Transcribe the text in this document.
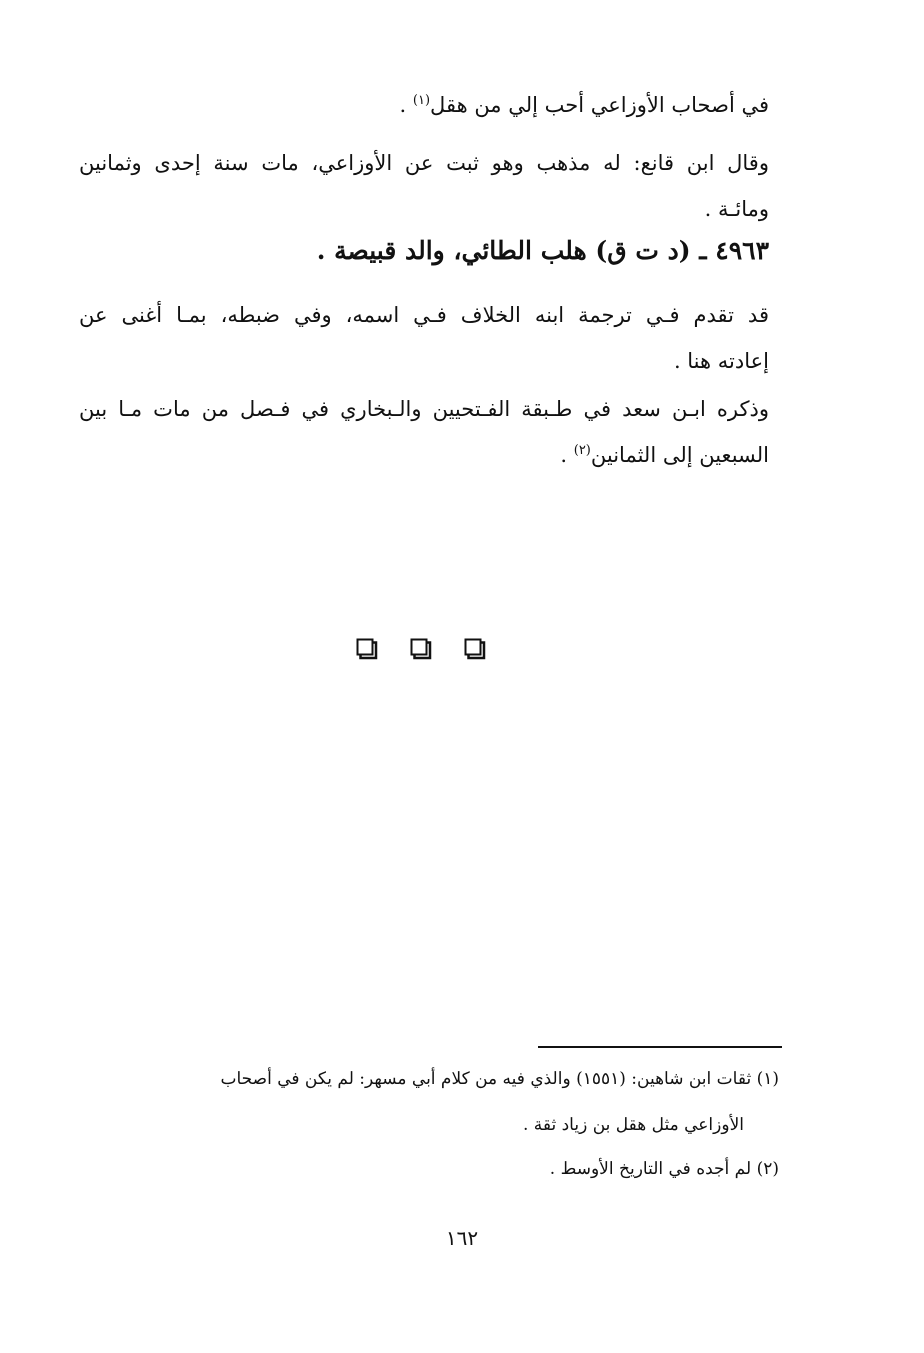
في أصحاب الأوزاعي أحب إلي من هقل$^{(١)}$ .
وقال ابن قانع: له مذهب وهو ثبت عن الأوزاعي، مات سنة إحدى وثمانين
ومائـة .
٤٩٦٣ ـ (د ت ق) هلب الطائي، والد قبيصة .
قد تقدم فـي ترجمة ابنه الخلاف فـي اسمه، وفي ضبطه، بمـا أغنى عن
إعادته هنا .
وذكره ابـن سعد في طـبقة الفـتحيين والـبخاري في فـصل من مات مـا بين
السبعين إلى الثمانين$^{(٢)}$ .
(١) ثقات ابن شاهين: (١٥٥١) والذي فيه من كلام أبي مسهر: لم يكن في أصحاب
الأوزاعي مثل هقل بن زياد ثقة .
(٢) لم أجده في التاريخ الأوسط .
١٦٢
